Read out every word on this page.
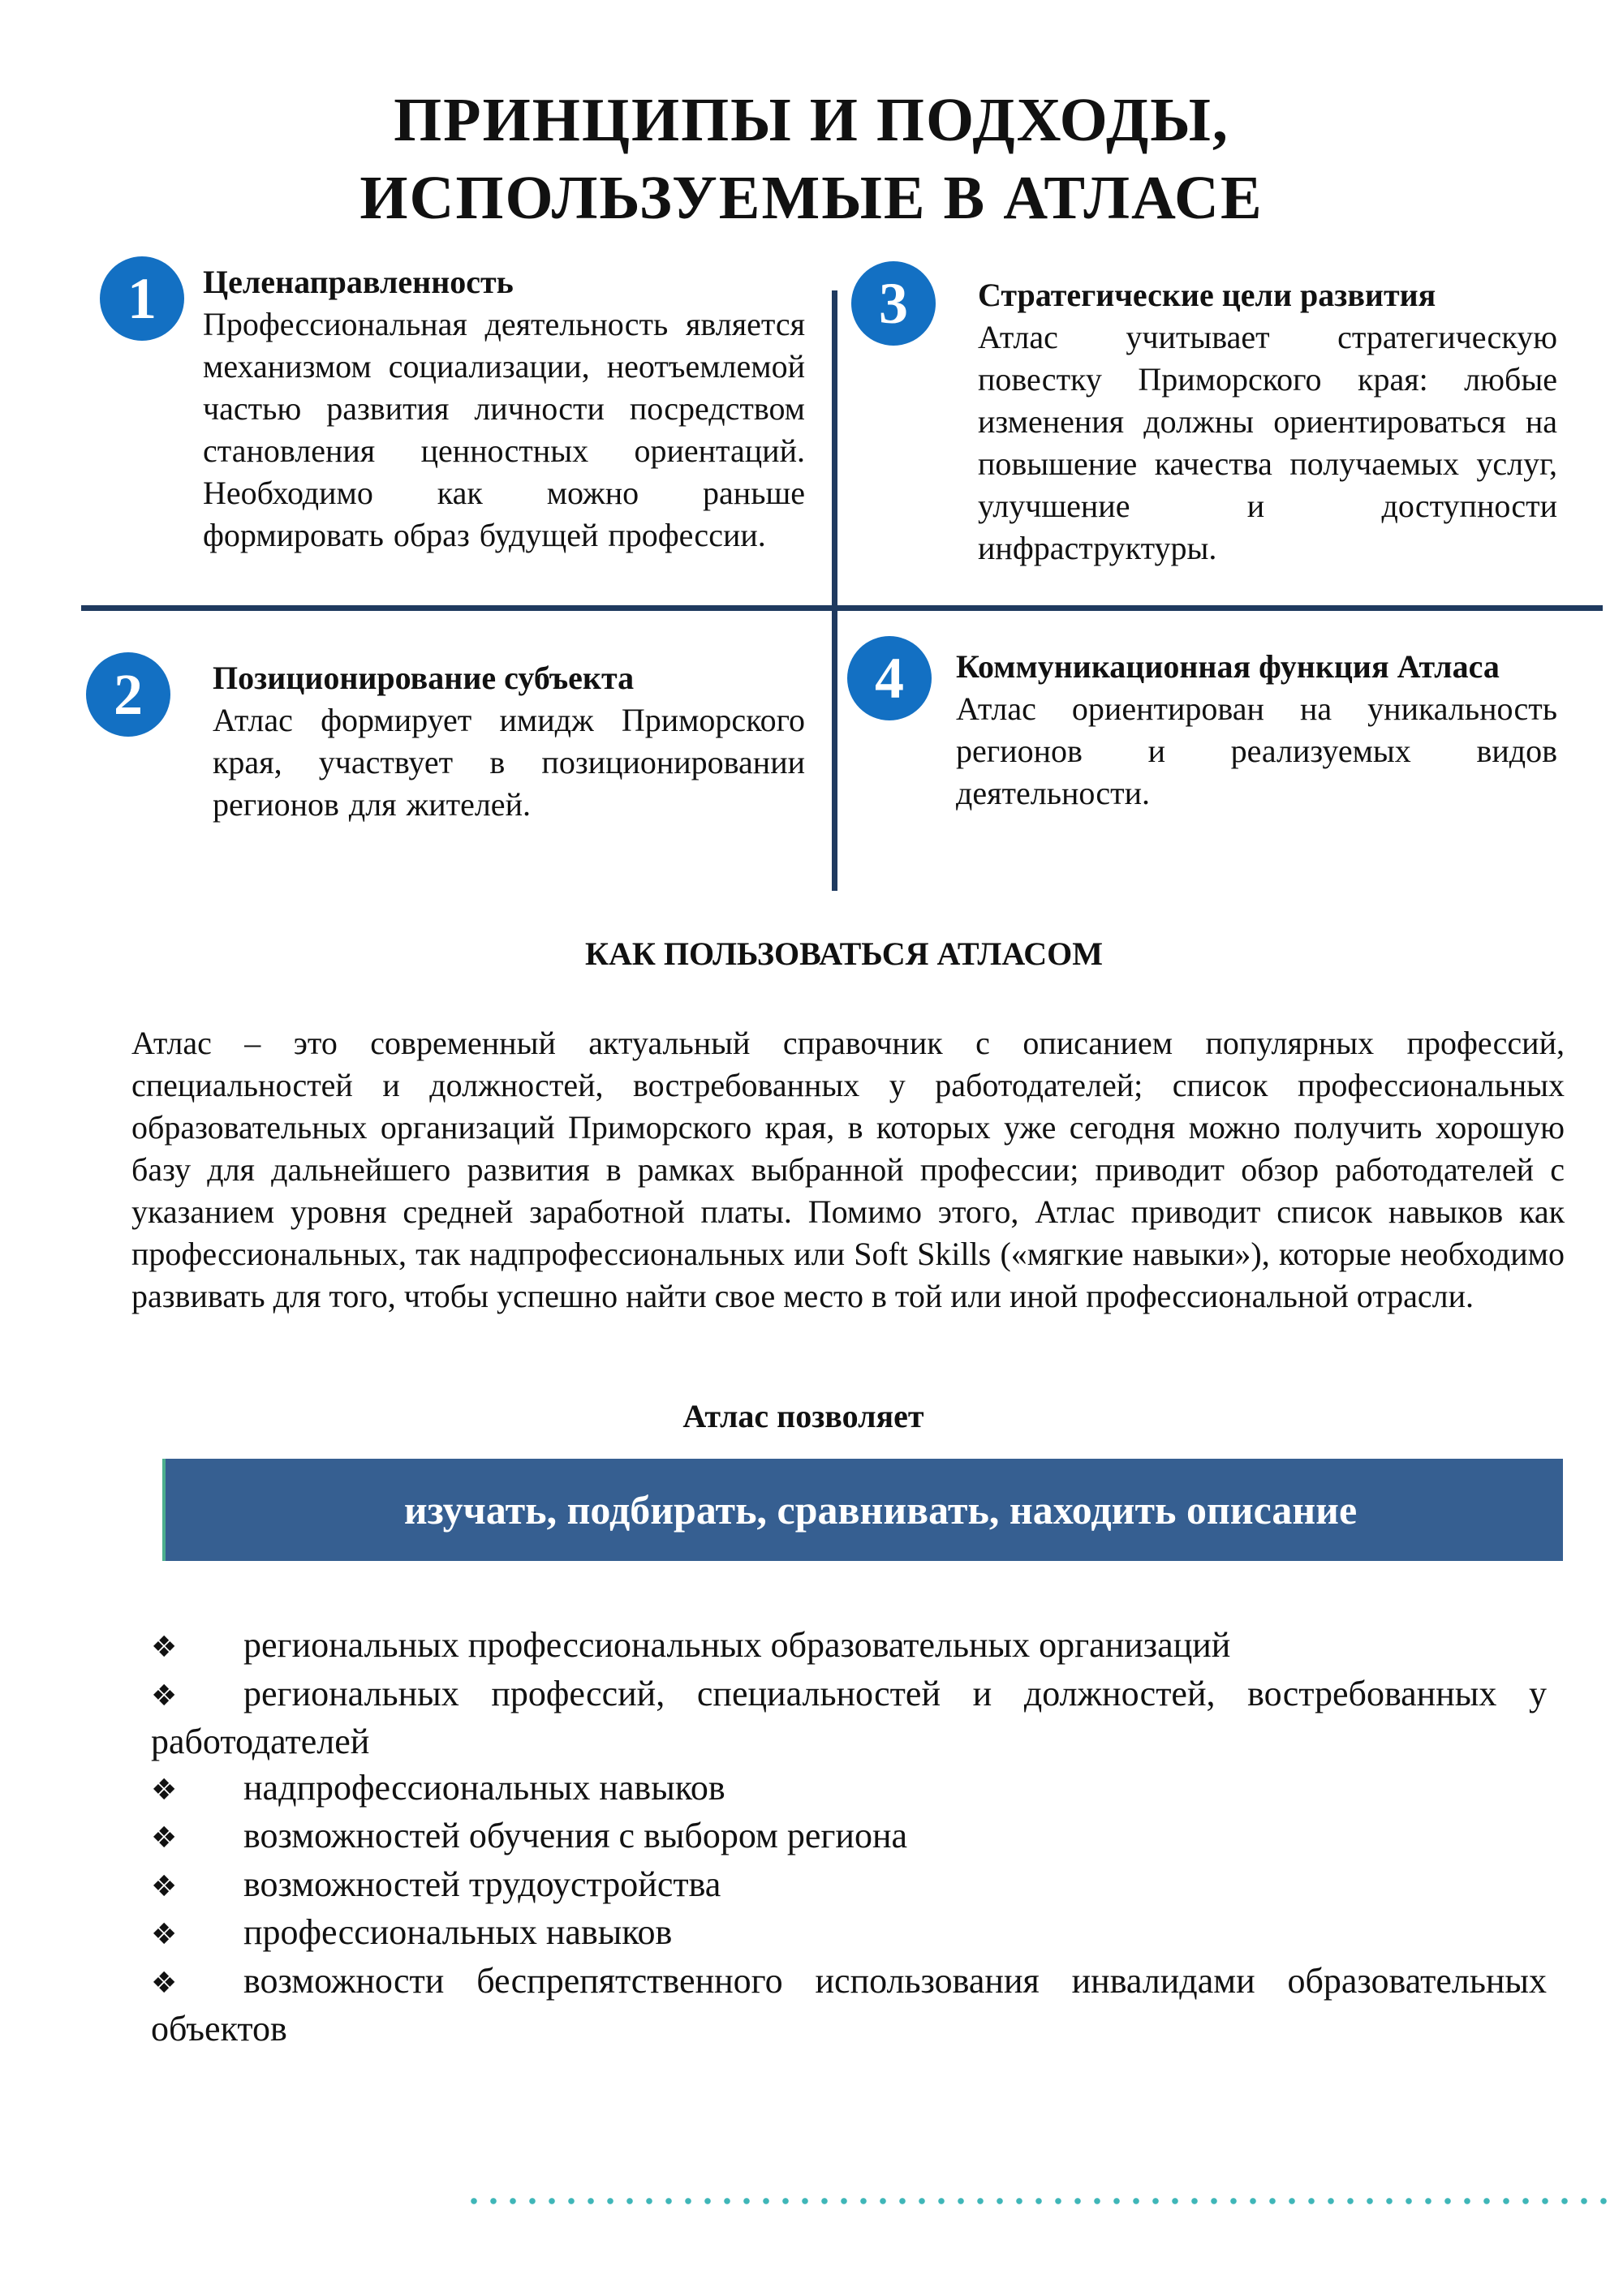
ПРИНЦИПЫ И ПОДХОДЫ,
ИСПОЛЬЗУЕМЫЕ В АТЛАСЕ
1	Целенаправленность
Профессиональная деятельность является механизмом социализации, неотъемлемой частью развития личности посредством становления ценностных ориентаций. Необходимо как можно раньше формировать образ будущей профессии.
3	Стратегические цели развития
Атлас учитывает стратегическую повестку Приморского края: любые изменения должны ориентироваться на повышение качества получаемых услуг, улучшение и доступности инфраструктуры.
2	Позиционирование субъекта
Атлас формирует имидж Приморского края, участвует в позиционировании регионов для жителей.
4	Коммуникационная функция Атласа
Атлас ориентирован на уникальность регионов и реализуемых видов деятельности.
КАК ПОЛЬЗОВАТЬСЯ АТЛАСОМ
Атлас – это современный актуальный справочник с описанием популярных профессий, специальностей и должностей, востребованных у работодателей; список профессиональных образовательных организаций Приморского края, в которых уже сегодня можно получить хорошую базу для дальнейшего развития в рамках выбранной профессии; приводит обзор работодателей с указанием уровня средней заработной платы. Помимо этого, Атлас приводит список навыков как профессиональных, так надпрофессиональных или Soft Skills («мягкие навыки»), которые необходимо развивать для того, чтобы успешно найти свое место в той или иной профессиональной отрасли.
Атлас позволяет
изучать, подбирать, сравнивать, находить описание
❖ региональных профессиональных образовательных организаций
❖ региональных профессий, специальностей и должностей, востребованных у работодателей
❖ надпрофессиональных навыков
❖ возможностей обучения с выбором региона
❖ возможностей трудоустройства
❖ профессиональных навыков
❖ возможности беспрепятственного использования инвалидами образовательных объектов
